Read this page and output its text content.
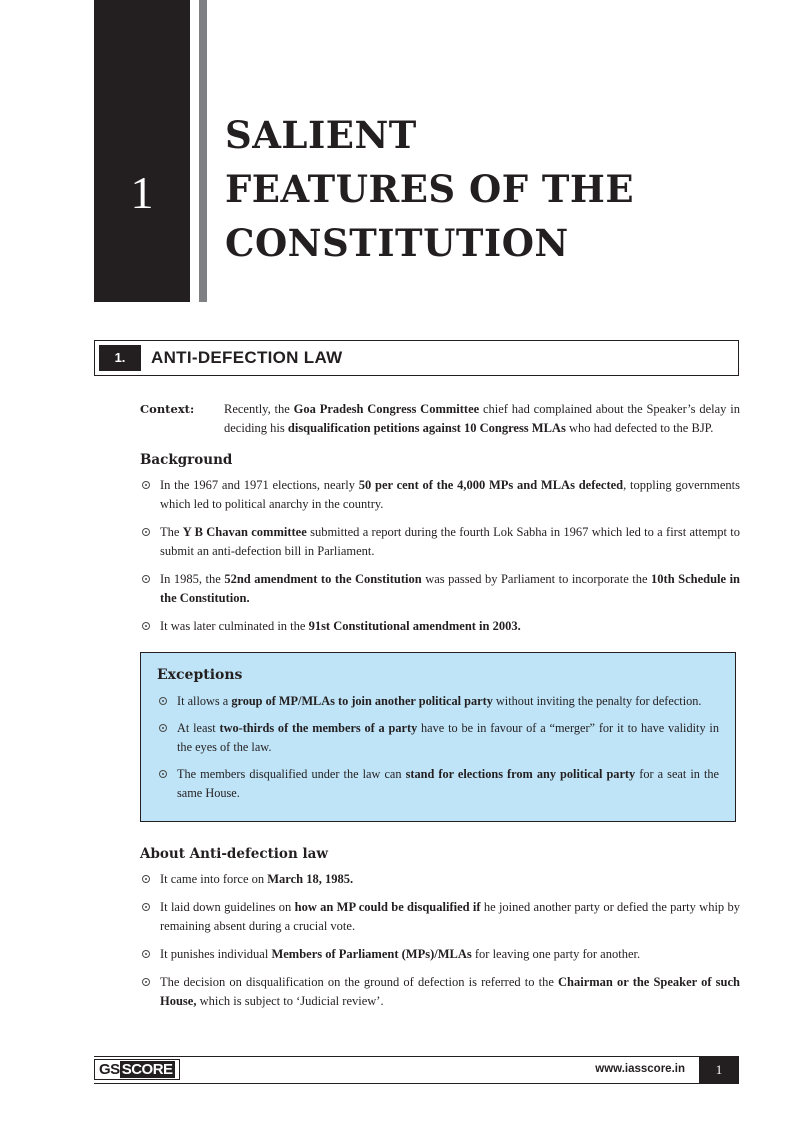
1
SALIENT
FEATURES OF THE
CONSTITUTION
1.	ANTI-DEFECTION LAW
Context:	Recently, the Goa Pradesh Congress Committee chief had complained about the Speaker’s delay in deciding his disqualification petitions against 10 Congress MLAs who had defected to the BJP.
Background
In the 1967 and 1971 elections, nearly 50 per cent of the 4,000 MPs and MLAs defected, toppling governments which led to political anarchy in the country.
The Y B Chavan committee submitted a report during the fourth Lok Sabha in 1967 which led to a first attempt to submit an anti-defection bill in Parliament.
In 1985, the 52nd amendment to the Constitution was passed by Parliament to incorporate the 10th Schedule in the Constitution.
It was later culminated in the 91st Constitutional amendment in 2003.
Exceptions
It allows a group of MP/MLAs to join another political party without inviting the penalty for defection.
At least two-thirds of the members of a party have to be in favour of a “merger” for it to have validity in the eyes of the law.
The members disqualified under the law can stand for elections from any political party for a seat in the same House.
About Anti-defection law
It came into force on March 18, 1985.
It laid down guidelines on how an MP could be disqualified if he joined another party or defied the party whip by remaining absent during a crucial vote.
It punishes individual Members of Parliament (MPs)/MLAs for leaving one party for another.
The decision on disqualification on the ground of defection is referred to the Chairman or the Speaker of such House, which is subject to ‘Judicial review’.
GS SCORE	www.iasscore.in	1
